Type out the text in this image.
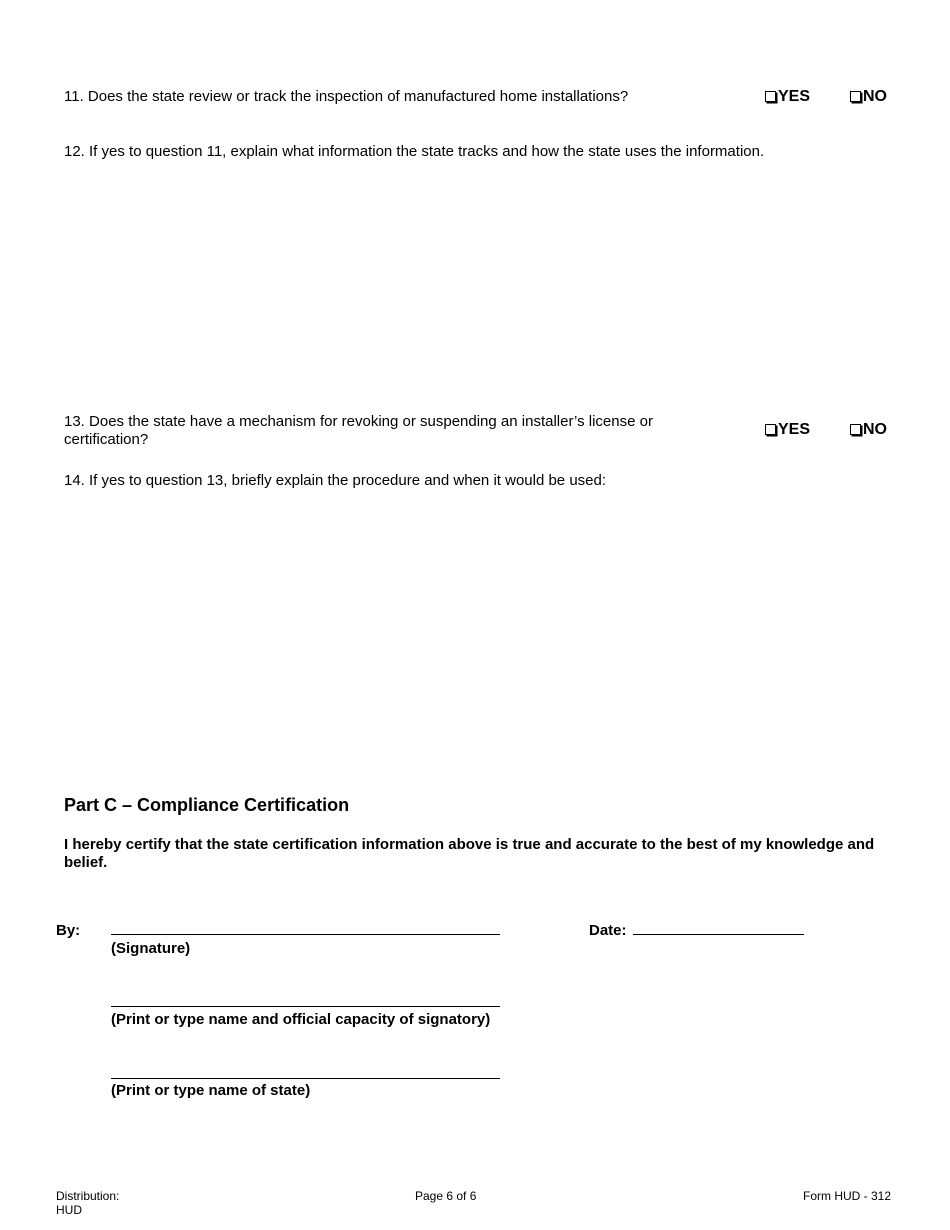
11. Does the state review or track the inspection of manufactured home installations?	YES	NO
12. If yes to question 11, explain what information the state tracks and how the state uses the information.
13. Does the state have a mechanism for revoking or suspending an installer’s license or certification?
YES	NO
14. If yes to question 13, briefly explain the procedure and when it would be used:
Part C – Compliance Certification
I hereby certify that the state certification information above is true and accurate to the best of my knowledge and belief.
By:
(Signature)
Date:
(Print or type name and official capacity of signatory)
(Print or type name of state)
Distribution:
HUD
Page 6 of 6	Form HUD - 312
